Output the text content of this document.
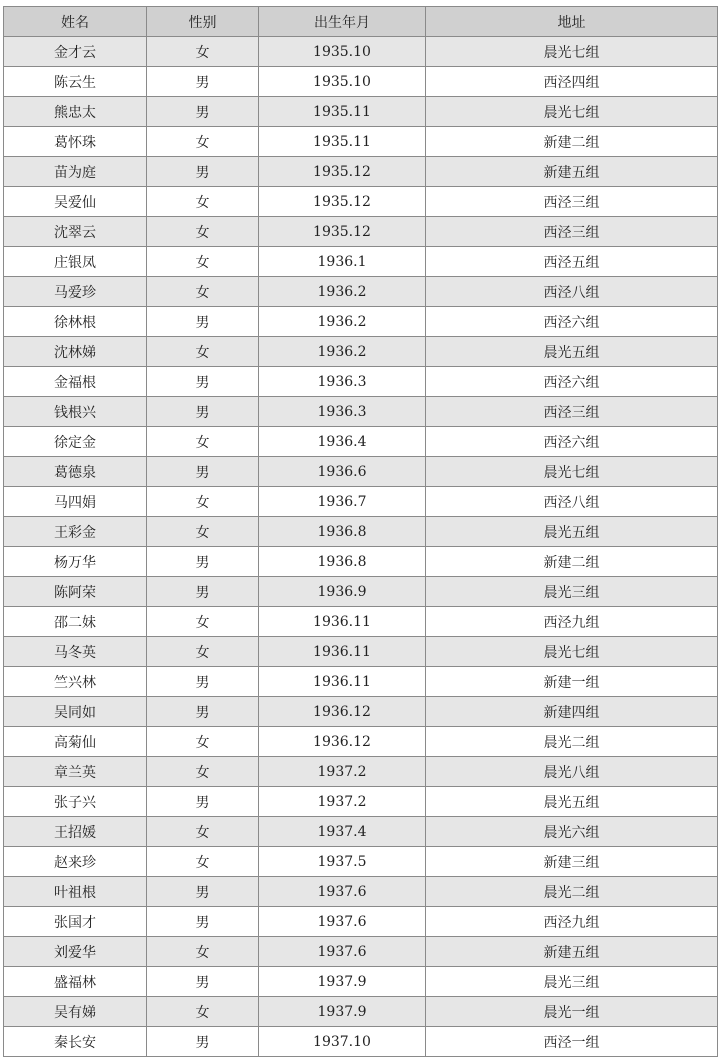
姓名	性别	出生年月	地址
金才云	女	1935.10	晨光七组
陈云生	男	1935.10	西泾四组
熊忠太	男	1935.11	晨光七组
葛怀珠	女	1935.11	新建二组
苗为庭	男	1935.12	新建五组
吴爱仙	女	1935.12	西泾三组
沈翠云	女	1935.12	西泾三组
庄银凤	女	1936.1	西泾五组
马爱珍	女	1936.2	西泾八组
徐林根	男	1936.2	西泾六组
沈林娣	女	1936.2	晨光五组
金福根	男	1936.3	西泾六组
钱根兴	男	1936.3	西泾三组
徐定金	女	1936.4	西泾六组
葛德泉	男	1936.6	晨光七组
马四娟	女	1936.7	西泾八组
王彩金	女	1936.8	晨光五组
杨万华	男	1936.8	新建二组
陈阿荣	男	1936.9	晨光三组
邵二妹	女	1936.11	西泾九组
马冬英	女	1936.11	晨光七组
竺兴林	男	1936.11	新建一组
吴同如	男	1936.12	新建四组
高菊仙	女	1936.12	晨光二组
章兰英	女	1937.2	晨光八组
张子兴	男	1937.2	晨光五组
王招媛	女	1937.4	晨光六组
赵来珍	女	1937.5	新建三组
叶祖根	男	1937.6	晨光二组
张国才	男	1937.6	西泾九组
刘爱华	女	1937.6	新建五组
盛福林	男	1937.9	晨光三组
吴有娣	女	1937.9	晨光一组
秦长安	男	1937.10	西泾一组
